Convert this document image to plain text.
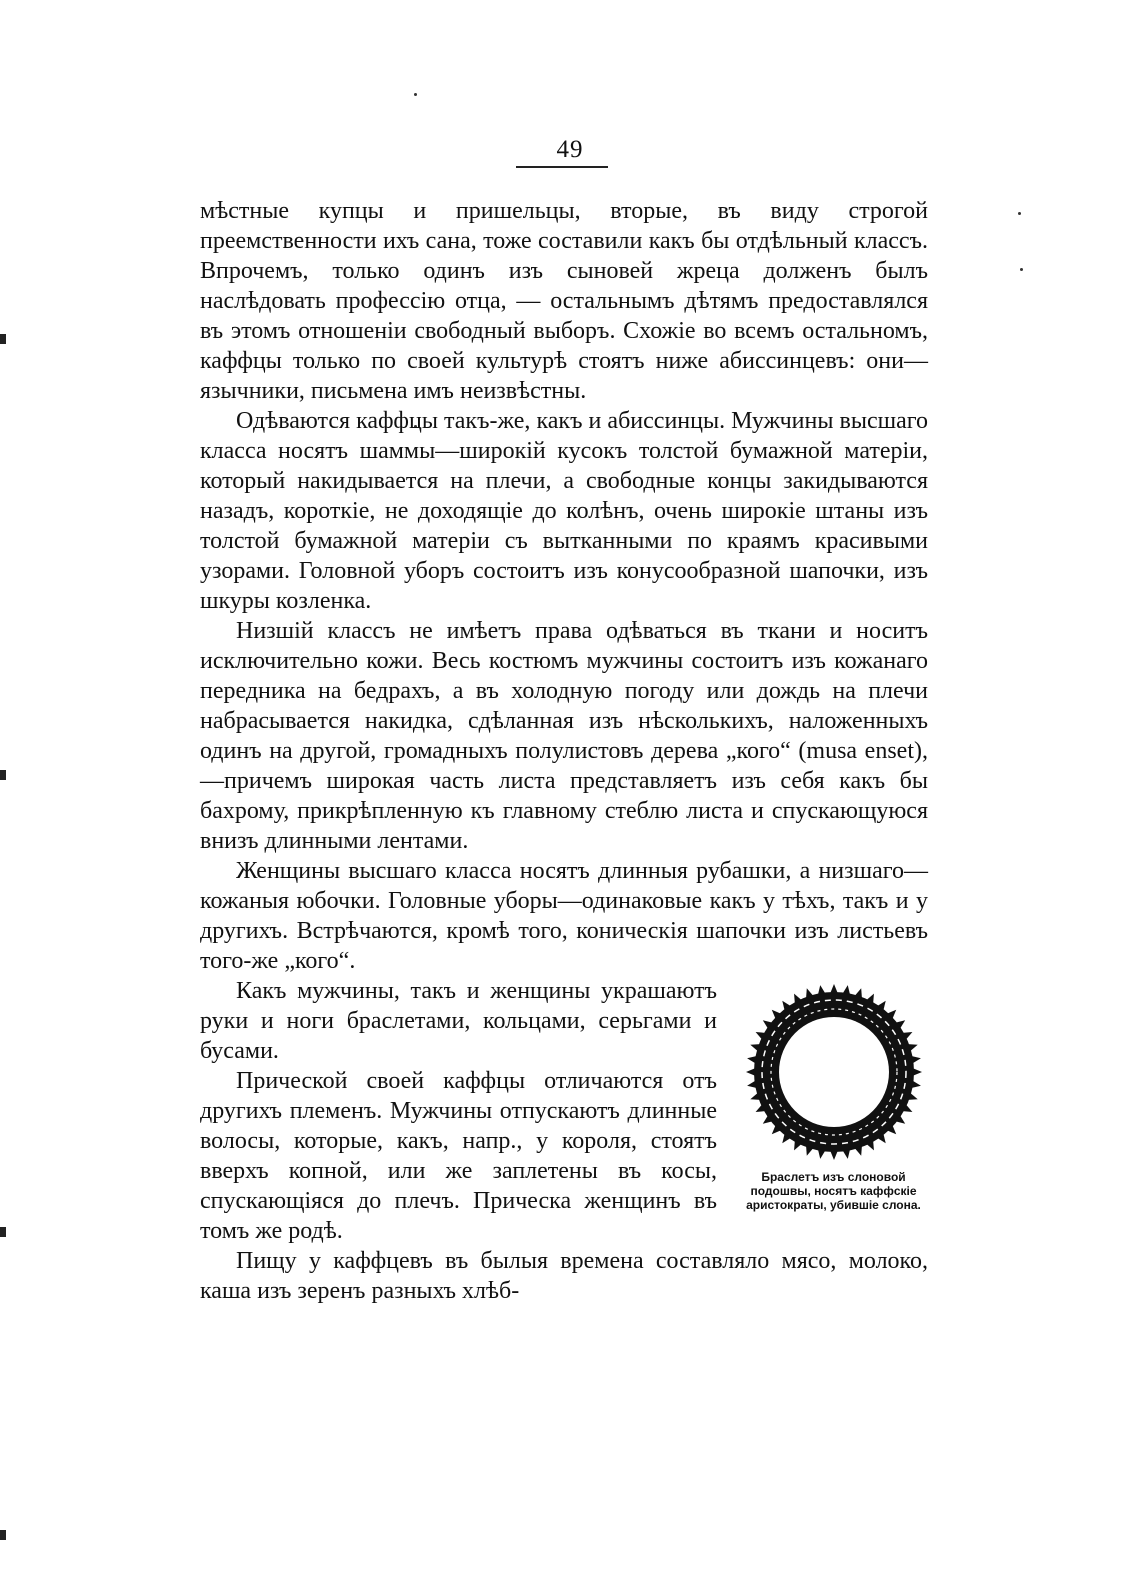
49

мѣстные купцы и пришельцы, вторые, въ виду строгой преемственности ихъ сана, тоже составили какъ бы отдѣльный классъ. Впрочемъ, только одинъ изъ сыновей жреца долженъ былъ наслѣдовать профессію отца, — остальнымъ дѣтямъ предоставлялся въ этомъ отношеніи свободный выборъ. Схожіе во всемъ остальномъ, каффцы только по своей культурѣ стоятъ ниже абиссинцевъ: они—язычники, письмена имъ неизвѣстны.

Одѣваются каффцы такъ-же, какъ и абиссинцы. Мужчины высшаго класса носятъ шаммы—широкій кусокъ толстой бумажной матеріи, который накидывается на плечи, а свободные концы закидываются назадъ, короткіе, не доходящіе до колѣнъ, очень широкіе штаны изъ толстой бумажной матеріи съ вытканными по краямъ красивыми узорами. Головной уборъ состоитъ изъ конусообразной шапочки, изъ шкуры козленка.

Низшій классъ не имѣетъ права одѣваться въ ткани и носитъ исключительно кожи. Весь костюмъ мужчины состоитъ изъ кожанаго передника на бедрахъ, а въ холодную погоду или дождь на плечи набрасывается накидка, сдѣланная изъ нѣсколькихъ, наложенныхъ одинъ на другой, громадныхъ полулистовъ дерева „кого“ (musa enset),—причемъ широкая часть листа представляетъ изъ себя какъ бы бахрому, прикрѣпленную къ главному стеблю листа и спускающуюся внизъ длинными лентами.

Женщины высшаго класса носятъ длинныя рубашки, а низшаго—кожаныя юбочки. Головные уборы—одинаковые какъ у тѣхъ, такъ и у другихъ. Встрѣчаются, кромѣ того, коническія шапочки изъ листьевъ того-же „кого“.

Браслетъ изъ слоновой подошвы, носятъ каффскіе аристократы, убившіе слона.

Какъ мужчины, такъ и женщины украшаютъ руки и ноги браслетами, кольцами, серьгами и бусами.

Прической своей каффцы отличаются отъ другихъ племенъ. Мужчины отпускаютъ длинные волосы, которые, какъ, напр., у короля, стоятъ вверхъ копной, или же заплетены въ косы, спускающіяся до плечъ. Прическа женщинъ въ томъ же родѣ.

Пищу у каффцевъ въ былыя времена составляло мясо, молоко, каша изъ зеренъ разныхъ хлѣб-
